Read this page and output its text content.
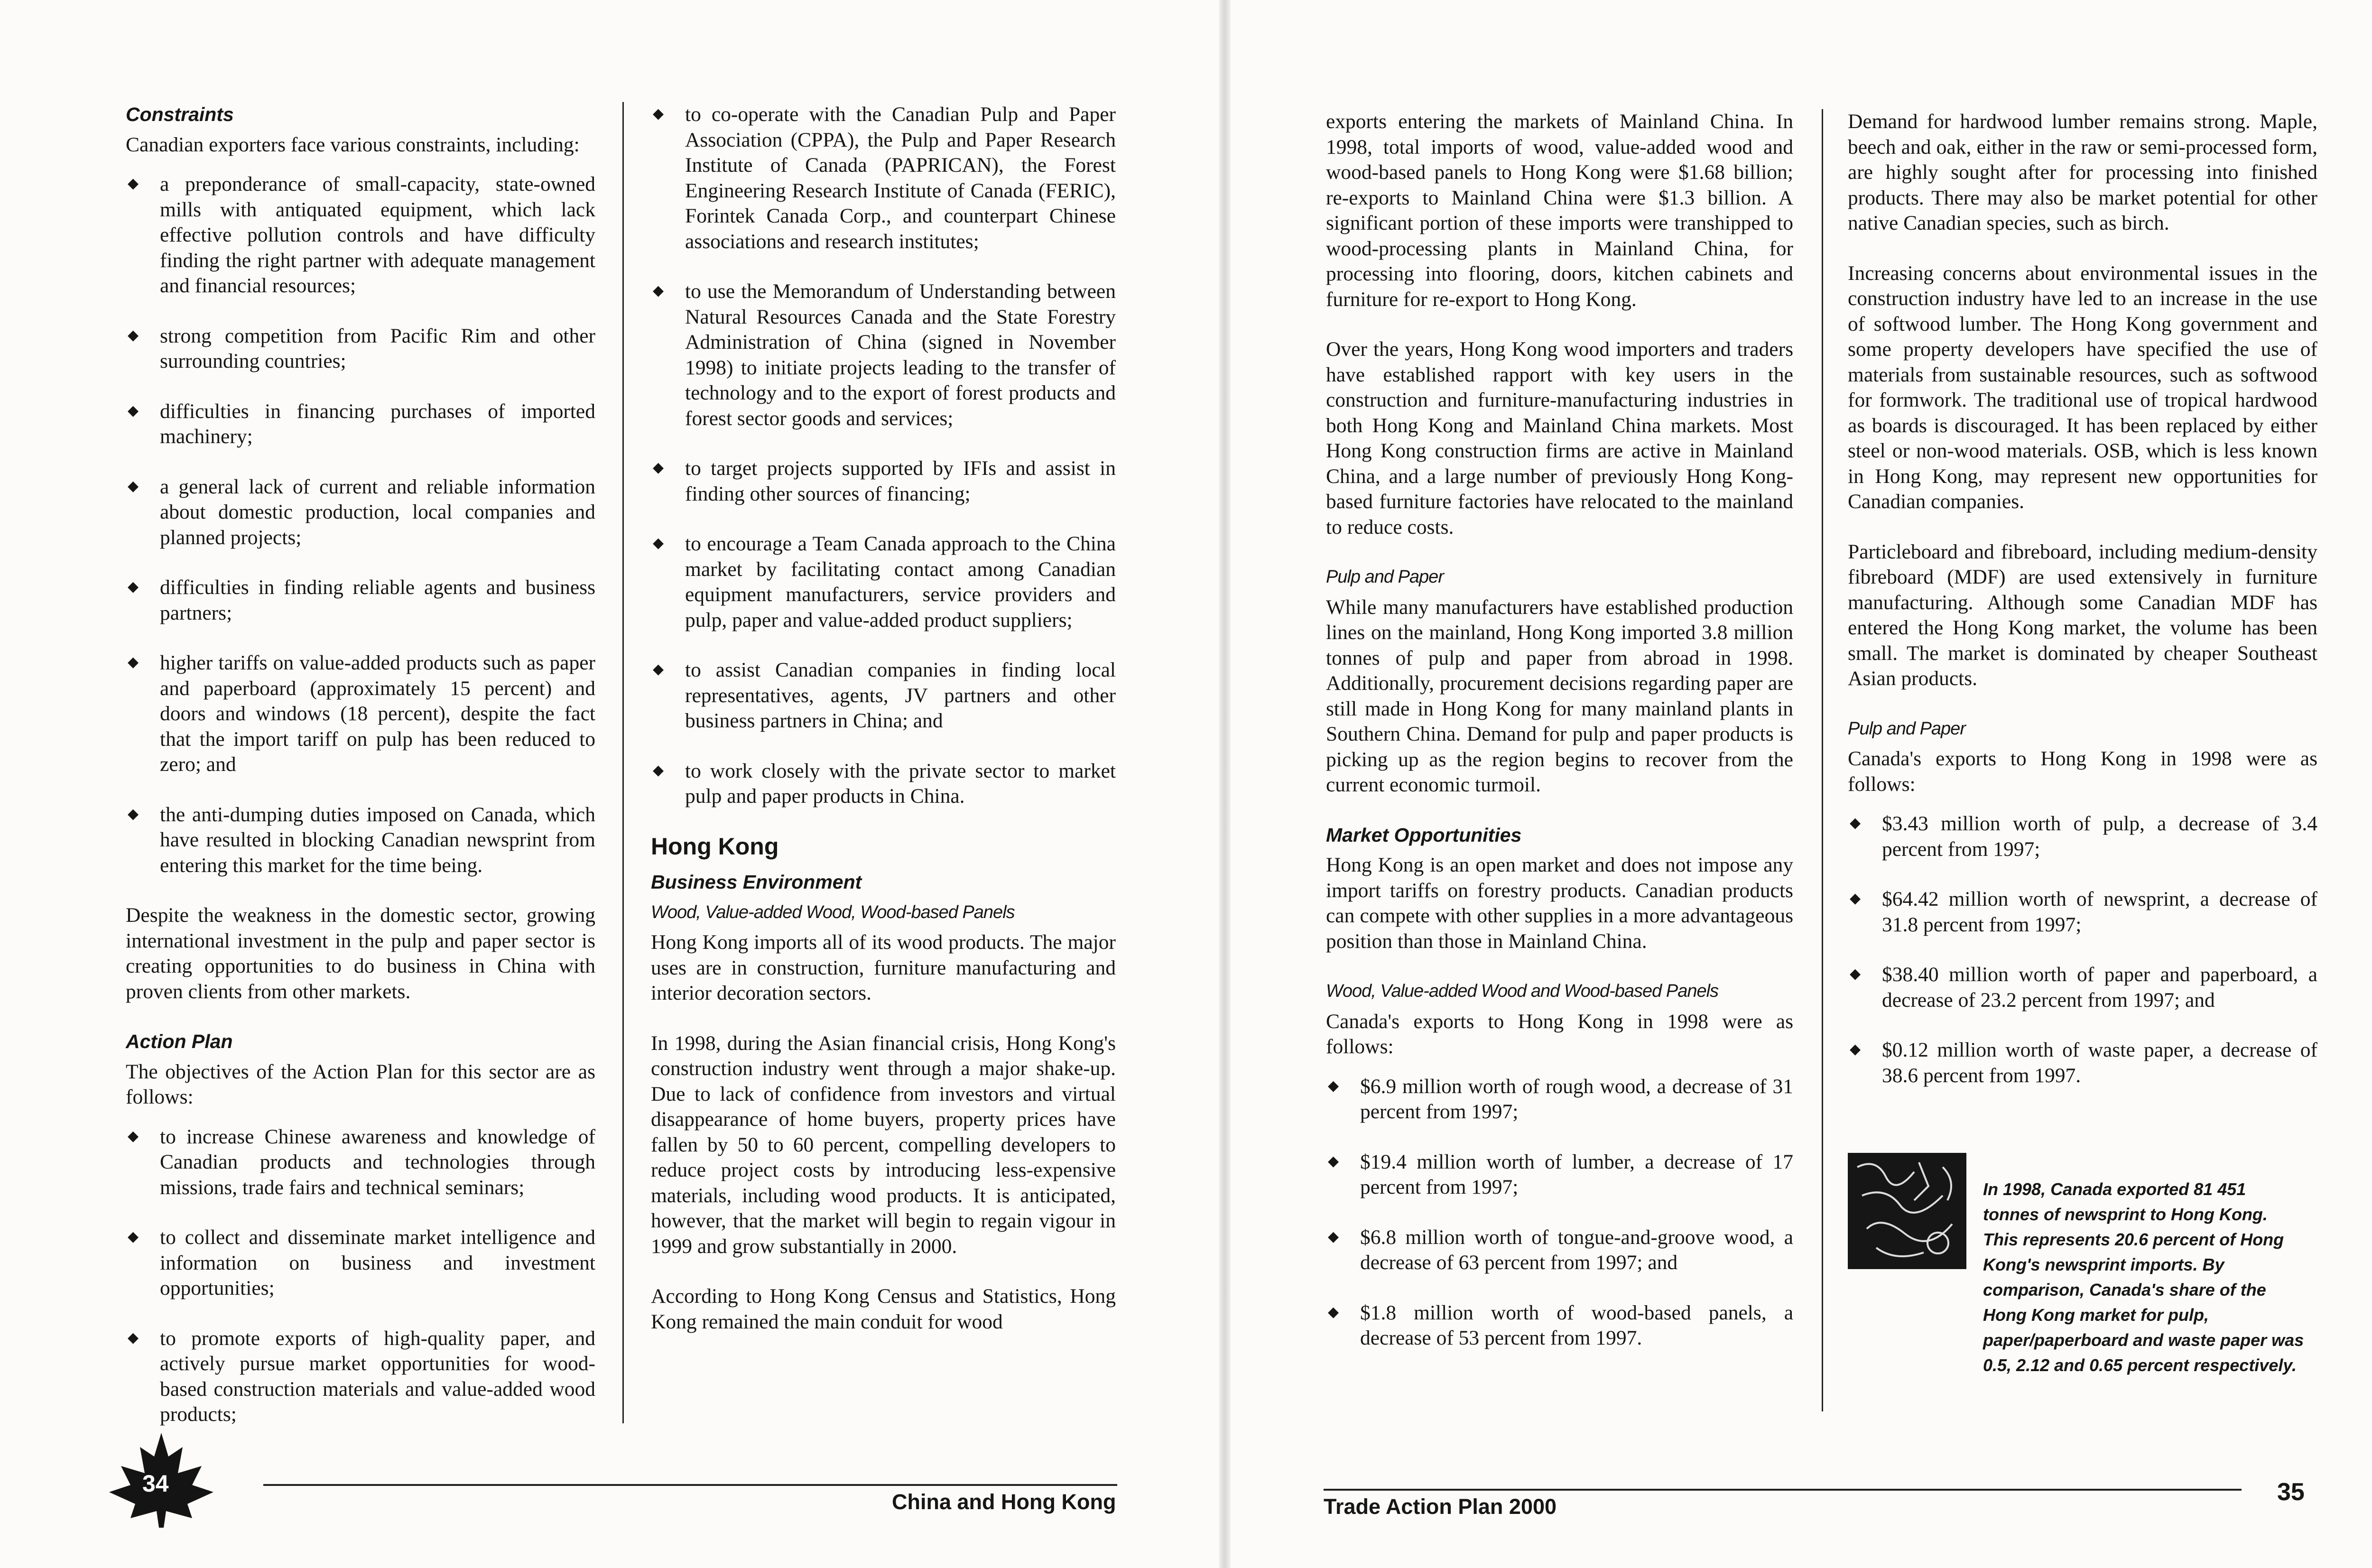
Constraints

Canadian exporters face various constraints, including:

◆ a preponderance of small-capacity, state-owned mills with antiquated equipment, which lack effective pollution controls and have difficulty finding the right partner with adequate management and financial resources;
◆ strong competition from Pacific Rim and other surrounding countries;
◆ difficulties in financing purchases of imported machinery;
◆ a general lack of current and reliable information about domestic production, local companies and planned projects;
◆ difficulties in finding reliable agents and business partners;
◆ higher tariffs on value-added products such as paper and paperboard (approximately 15 percent) and doors and windows (18 percent), despite the fact that the import tariff on pulp has been reduced to zero; and
◆ the anti-dumping duties imposed on Canada, which have resulted in blocking Canadian newsprint from entering this market for the time being.

Despite the weakness in the domestic sector, growing international investment in the pulp and paper sector is creating opportunities to do business in China with proven clients from other markets.

Action Plan

The objectives of the Action Plan for this sector are as follows:

◆ to increase Chinese awareness and knowledge of Canadian products and technologies through missions, trade fairs and technical seminars;
◆ to collect and disseminate market intelligence and information on business and investment opportunities;
◆ to promote exports of high-quality paper, and actively pursue market opportunities for wood-based construction materials and value-added wood products;
◆ to co-operate with the Canadian Pulp and Paper Association (CPPA), the Pulp and Paper Research Institute of Canada (PAPRICAN), the Forest Engineering Research Institute of Canada (FERIC), Forintek Canada Corp., and counterpart Chinese associations and research institutes;
◆ to use the Memorandum of Understanding between Natural Resources Canada and the State Forestry Administration of China (signed in November 1998) to initiate projects leading to the transfer of technology and to the export of forest products and forest sector goods and services;
◆ to target projects supported by IFIs and assist in finding other sources of financing;
◆ to encourage a Team Canada approach to the China market by facilitating contact among Canadian equipment manufacturers, service providers and pulp, paper and value-added product suppliers;
◆ to assist Canadian companies in finding local representatives, agents, JV partners and other business partners in China; and
◆ to work closely with the private sector to market pulp and paper products in China.
Hong Kong
Business Environment
Wood, Value-added Wood, Wood-based Panels

Hong Kong imports all of its wood products. The major uses are in construction, furniture manufacturing and interior decoration sectors.

In 1998, during the Asian financial crisis, Hong Kong's construction industry went through a major shake-up. Due to lack of confidence from investors and virtual disappearance of home buyers, property prices have fallen by 50 to 60 percent, compelling developers to reduce project costs by introducing less-expensive materials, including wood products. It is anticipated, however, that the market will begin to regain vigour in 1999 and grow substantially in 2000.

According to Hong Kong Census and Statistics, Hong Kong remained the main conduit for wood

exports entering the markets of Mainland China. In 1998, total imports of wood, value-added wood and wood-based panels to Hong Kong were $1.68 billion; re-exports to Mainland China were $1.3 billion. A significant portion of these imports were transhipped to wood-processing plants in Mainland China, for processing into flooring, doors, kitchen cabinets and furniture for re-export to Hong Kong.

Over the years, Hong Kong wood importers and traders have established rapport with key users in the construction and furniture-manufacturing industries in both Hong Kong and Mainland China markets. Most Hong Kong construction firms are active in Mainland China, and a large number of previously Hong Kong-based furniture factories have relocated to the mainland to reduce costs.

Pulp and Paper

While many manufacturers have established production lines on the mainland, Hong Kong imported 3.8 million tonnes of pulp and paper from abroad in 1998. Additionally, procurement decisions regarding paper are still made in Hong Kong for many mainland plants in Southern China. Demand for pulp and paper products is picking up as the region begins to recover from the current economic turmoil.

Market Opportunities

Hong Kong is an open market and does not impose any import tariffs on forestry products. Canadian products can compete with other supplies in a more advantageous position than those in Mainland China.

Wood, Value-added Wood and Wood-based Panels

Canada's exports to Hong Kong in 1998 were as follows:

◆ $6.9 million worth of rough wood, a decrease of 31 percent from 1997;
◆ $19.4 million worth of lumber, a decrease of 17 percent from 1997;
◆ $6.8 million worth of tongue-and-groove wood, a decrease of 63 percent from 1997; and
◆ $1.8 million worth of wood-based panels, a decrease of 53 percent from 1997.

Demand for hardwood lumber remains strong. Maple, beech and oak, either in the raw or semi-processed form, are highly sought after for processing into finished products. There may also be market potential for other native Canadian species, such as birch.

Increasing concerns about environmental issues in the construction industry have led to an increase in the use of softwood lumber. The Hong Kong government and some property developers have specified the use of materials from sustainable resources, such as softwood for formwork. The traditional use of tropical hardwood as boards is discouraged. It has been replaced by either steel or non-wood materials. OSB, which is less known in Hong Kong, may represent new opportunities for Canadian companies.

Particleboard and fibreboard, including medium-density fibreboard (MDF) are used extensively in furniture manufacturing. Although some Canadian MDF has entered the Hong Kong market, the volume has been small. The market is dominated by cheaper Southeast Asian products.

Pulp and Paper

Canada's exports to Hong Kong in 1998 were as follows:

◆ $3.43 million worth of pulp, a decrease of 3.4 percent from 1997;
◆ $64.42 million worth of newsprint, a decrease of 31.8 percent from 1997;
◆ $38.40 million worth of paper and paperboard, a decrease of 23.2 percent from 1997; and
◆ $0.12 million worth of waste paper, a decrease of 38.6 percent from 1997.
In 1998, Canada exported 81 451 tonnes of newsprint to Hong Kong. This represents 20.6 percent of Hong Kong's newsprint imports. By comparison, Canada's share of the Hong Kong market for pulp, paper/paperboard and waste paper was 0.5, 2.12 and 0.65 percent respectively.
34
China and Hong Kong	Trade Action Plan 2000
35
